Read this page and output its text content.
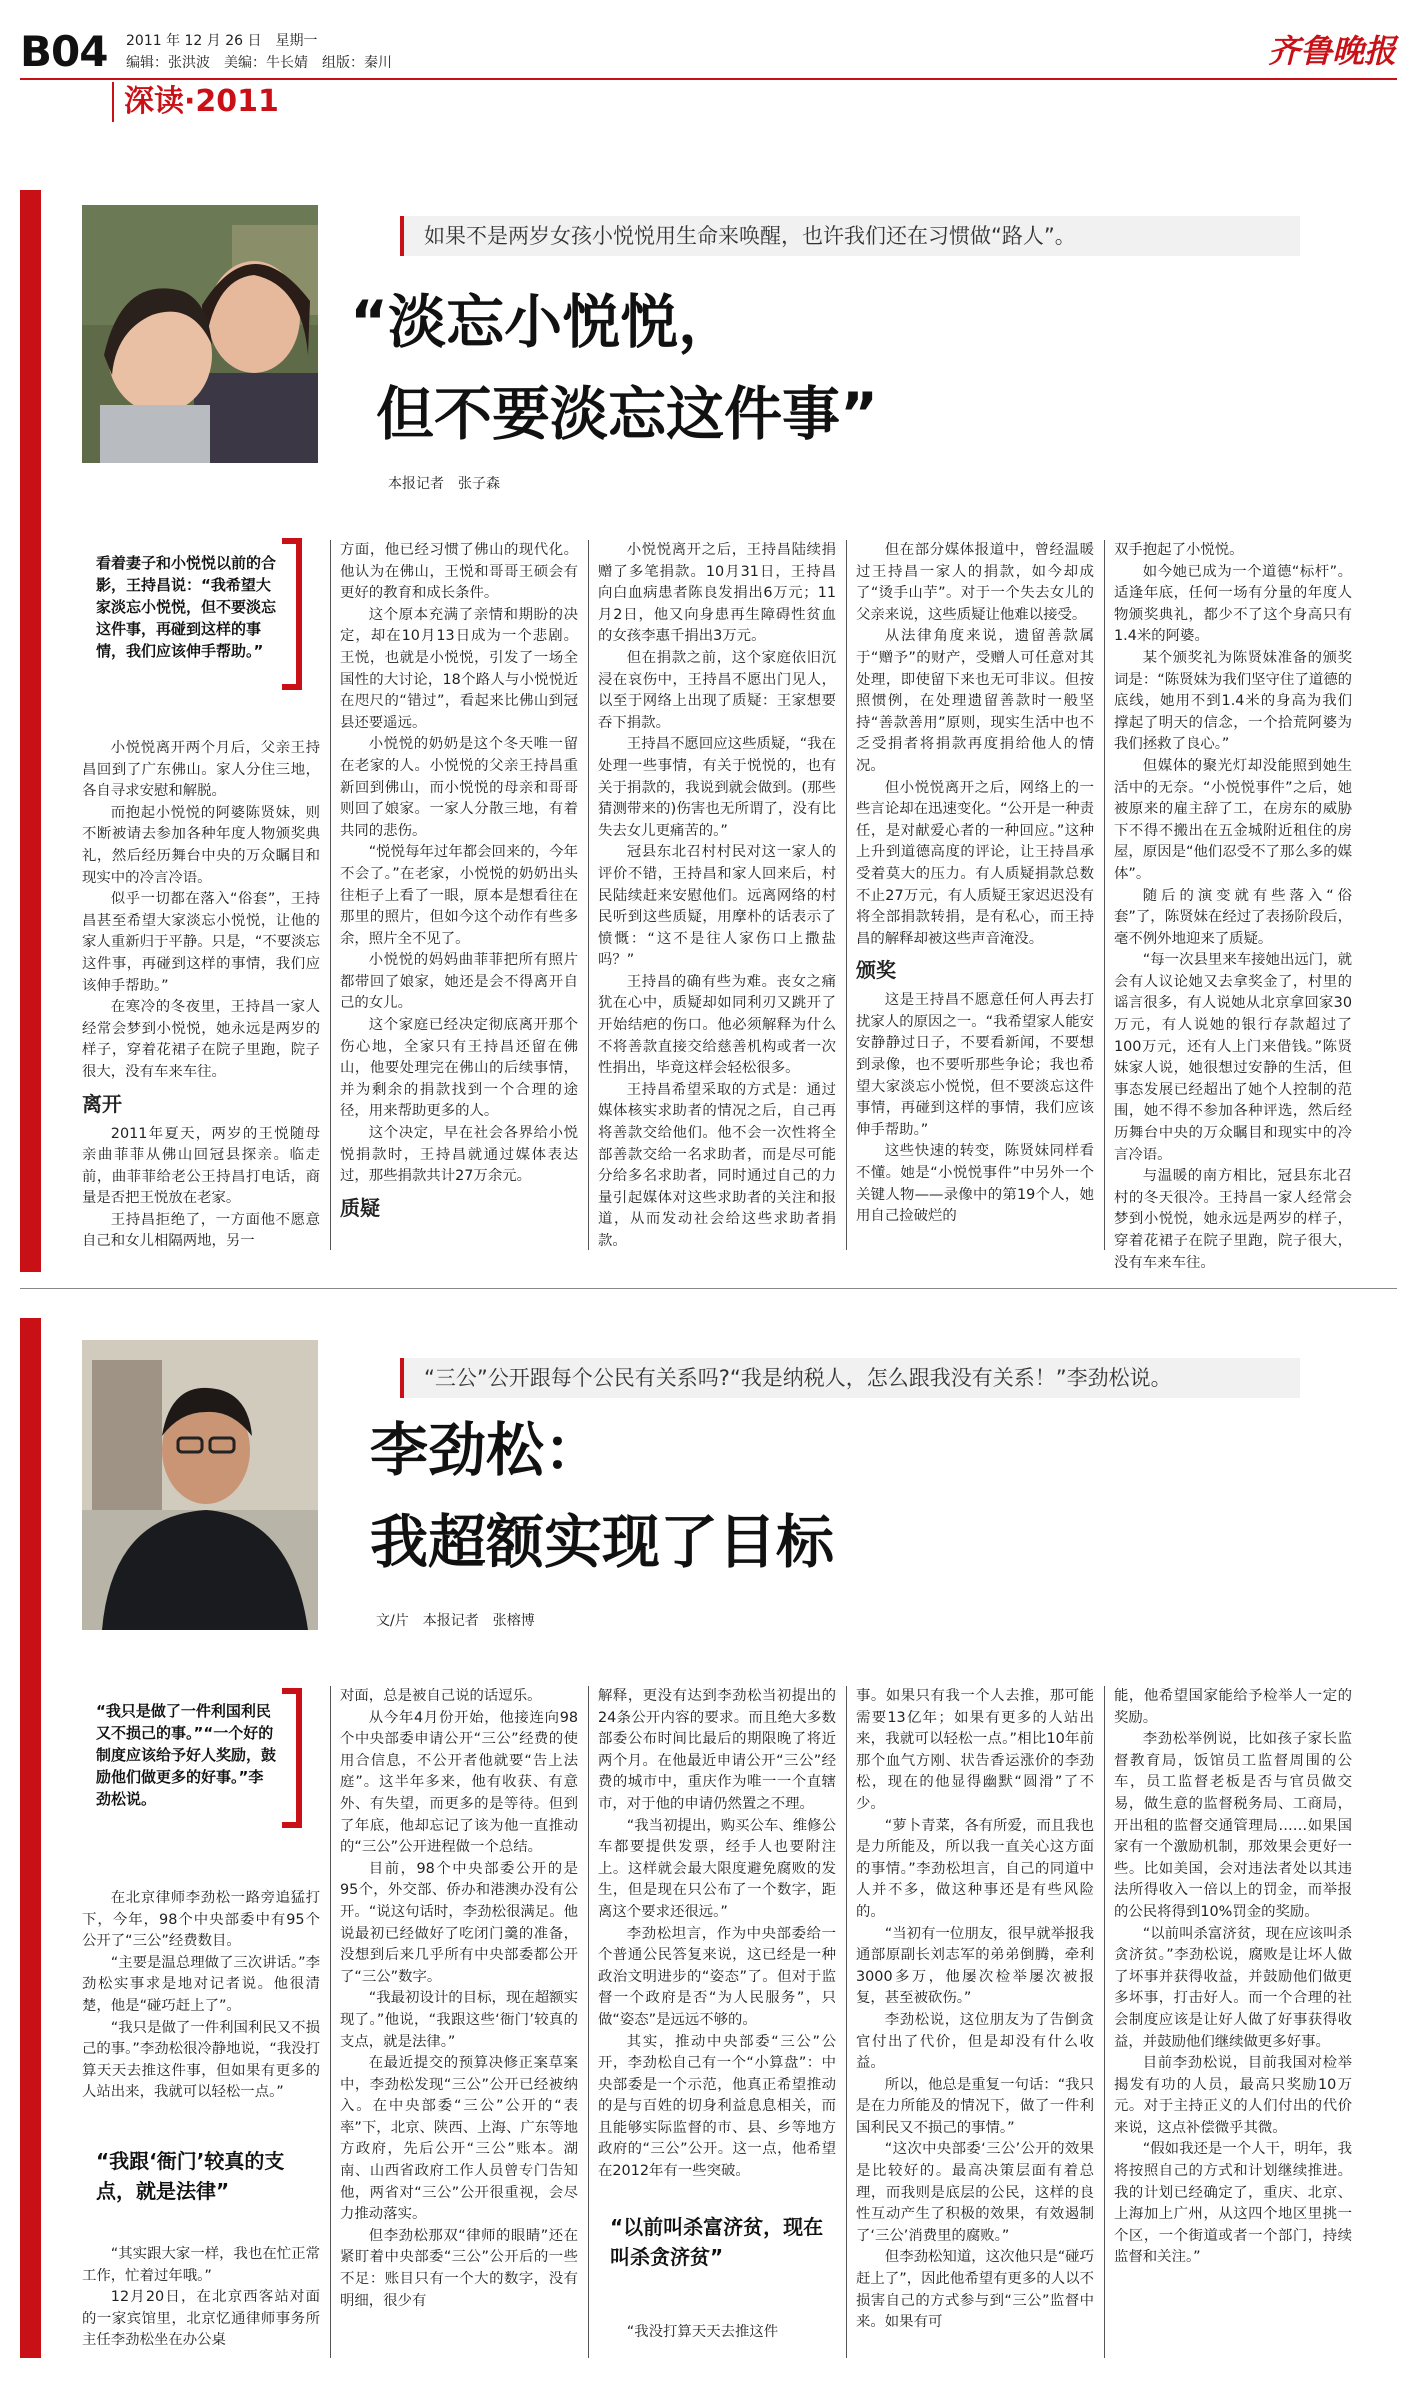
B04 2011 年 12 月 26 日　星期一
编辑：张洪波　美编：牛长婧　组版：秦川	齐鲁晚报
深读·2011
如果不是两岁女孩小悦悦用生命来唤醒，也许我们还在习惯做“路人”。
“淡忘小悦悦，
但不要淡忘这件事”
本报记者　张子森
看着妻子和小悦悦以前的合影，王持昌说：“我希望大家淡忘小悦悦，但不要淡忘这件事，再碰到这样的事情，我们应该伸手帮助。”

小悦悦离开两个月后，父亲王持昌回到了广东佛山。家人分住三地，各自寻求安慰和解脱。

而抱起小悦悦的阿婆陈贤妹，则不断被请去参加各种年度人物颁奖典礼，然后经历舞台中央的万众瞩目和现实中的冷言冷语。

似乎一切都在落入“俗套”，王持昌甚至希望大家淡忘小悦悦，让他的家人重新归于平静。只是，“不要淡忘这件事，再碰到这样的事情，我们应该伸手帮助。”

在寒冷的冬夜里，王持昌一家人经常会梦到小悦悦，她永远是两岁的样子，穿着花裙子在院子里跑，院子很大，没有车来车往。

离开

2011年夏天，两岁的王悦随母亲曲菲菲从佛山回冠县探亲。临走前，曲菲菲给老公王持昌打电话，商量是否把王悦放在老家。

王持昌拒绝了，一方面他不愿意自己和女儿相隔两地，另一

方面，他已经习惯了佛山的现代化。他认为在佛山，王悦和哥哥王硕会有更好的教育和成长条件。

这个原本充满了亲情和期盼的决定，却在10月13日成为一个悲剧。王悦，也就是小悦悦，引发了一场全国性的大讨论，18个路人与小悦悦近在咫尺的“错过”，看起来比佛山到冠县还要遥远。

小悦悦的奶奶是这个冬天唯一留在老家的人。小悦悦的父亲王持昌重新回到佛山，而小悦悦的母亲和哥哥则回了娘家。一家人分散三地，有着共同的悲伤。

“悦悦每年过年都会回来的，今年不会了。”在老家，小悦悦的奶奶出头往柜子上看了一眼，原本是想看往在那里的照片，但如今这个动作有些多余，照片全不见了。

小悦悦的妈妈曲菲菲把所有照片都带回了娘家，她还是会不得离开自己的女儿。

这个家庭已经决定彻底离开那个伤心地，全家只有王持昌还留在佛山，他要处理完在佛山的后续事情，并为剩余的捐款找到一个合理的途径，用来帮助更多的人。

这个决定，早在社会各界给小悦悦捐款时，王持昌就通过媒体表达过，那些捐款共计27万余元。

质疑

小悦悦离开之后，王持昌陆续捐赠了多笔捐款。10月31日，王持昌向白血病患者陈良发捐出6万元；11月2日，他又向身患再生障碍性贫血的女孩李惠千捐出3万元。

但在捐款之前，这个家庭依旧沉浸在哀伤中，王持昌不愿出门见人，以至于网络上出现了质疑：王家想要吞下捐款。

王持昌不愿回应这些质疑，“我在处理一些事情，有关于悦悦的，也有关于捐款的，我说到就会做到。(那些猜测带来的)伤害也无所谓了，没有比失去女儿更痛苦的。”

冠县东北召村村民对这一家人的评价不错，王持昌和家人回来后，村民陆续赶来安慰他们。远离网络的村民听到这些质疑，用摩朴的话表示了愤慨：“这不是往人家伤口上撒盐吗？”

王持昌的确有些为难。丧女之痛犹在心中，质疑却如同利刃又跳开了开始结疤的伤口。他必须解释为什么不将善款直接交给慈善机构或者一次性捐出，毕竟这样会轻松很多。

王持昌希望采取的方式是：通过媒体核实求助者的情况之后，自己再将善款交给他们。他不会一次性将全部善款交给一名求助者，而是尽可能分给多名求助者，同时通过自己的力量引起媒体对这些求助者的关注和报道，从而发动社会给这些求助者捐款。

但在部分媒体报道中，曾经温暖过王持昌一家人的捐款，如今却成了“烫手山芋”。对于一个失去女儿的父亲来说，这些质疑让他难以接受。

从法律角度来说，遗留善款属于“赠予”的财产，受赠人可任意对其处理，即使留下来也无可非议。但按照惯例，在处理遗留善款时一般坚持“善款善用”原则，现实生活中也不乏受捐者将捐款再度捐给他人的情况。

但小悦悦离开之后，网络上的一些言论却在迅速变化。“公开是一种责任，是对献爱心者的一种回应。”这种上升到道德高度的评论，让王持昌承受着莫大的压力。有人质疑捐款总数不止27万元，有人质疑王家迟迟没有将全部捐款转捐，是有私心，而王持昌的解释却被这些声音淹没。

颁奖

这是王持昌不愿意任何人再去打扰家人的原因之一。“我希望家人能安安静静过日子，不要看新闻，不要想到录像，也不要听那些争论；我也希望大家淡忘小悦悦，但不要淡忘这件事情，再碰到这样的事情，我们应该伸手帮助。”

这些快速的转变，陈贤妹同样看不懂。她是“小悦悦事件”中另外一个关键人物——录像中的第19个人，她用自己捡破烂的

双手抱起了小悦悦。

如今她已成为一个道德“标杆”。适逢年底，任何一场有分量的年度人物颁奖典礼，都少不了这个身高只有1.4米的阿婆。

某个颁奖礼为陈贤妹准备的颁奖词是：“陈贤妹为我们坚守住了道德的底线，她用不到1.4米的身高为我们撑起了明天的信念，一个拾荒阿婆为我们拯救了良心。”

但媒体的聚光灯却没能照到她生活中的无奈。“小悦悦事件”之后，她被原来的雇主辞了工，在房东的威胁下不得不搬出在五金城附近租住的房屋，原因是“他们忍受不了那么多的媒体”。

随后的演变就有些落入“俗套”了，陈贤妹在经过了表扬阶段后，毫不例外地迎来了质疑。

“每一次县里来车接她出远门，就会有人议论她又去拿奖金了，村里的谣言很多，有人说她从北京拿回家30万元，有人说她的银行存款超过了100万元，还有人上门来借钱。”陈贤妹家人说，她很想过安静的生活，但事态发展已经超出了她个人控制的范围，她不得不参加各种评选，然后经历舞台中央的万众瞩目和现实中的冷言冷语。

与温暖的南方相比，冠县东北召村的冬天很冷。王持昌一家人经常会梦到小悦悦，她永远是两岁的样子，穿着花裙子在院子里跑，院子很大，没有车来车往。

“三公”公开跟每个公民有关系吗?“我是纳税人，怎么跟我没有关系！”李劲松说。
李劲松：
我超额实现了目标
文/片　本报记者　张榕博
“我只是做了一件利国利民又不损己的事。”“一个好的制度应该给予好人奖励，鼓励他们做更多的好事。”李劲松说。

在北京律师李劲松一路旁追猛打下，今年，98个中央部委中有95个公开了“三公”经费数目。

“主要是温总理做了三次讲话。”李劲松实事求是地对记者说。他很清楚，他是“碰巧赶上了”。

“我只是做了一件利国利民又不损己的事。”李劲松很冷静地说，“我没打算天天去推这件事，但如果有更多的人站出来，我就可以轻松一点。”

“我跟‘衙门’较真的支点，就是法律”

“其实跟大家一样，我也在忙正常工作，忙着过年哦。”

12月20日，在北京西客站对面的一家宾馆里，北京忆通律师事务所主任李劲松坐在办公桌

对面，总是被自己说的话逗乐。

从今年4月份开始，他接连向98个中央部委申请公开“三公”经费的使用合信息，不公开者他就要“告上法庭”。这半年多来，他有收获、有意外、有失望，而更多的是等待。但到了年底，他却忘记了该为他一直推动的“三公”公开进程做一个总结。

目前，98个中央部委公开的是95个，外交部、侨办和港澳办没有公开。“说这句话时，李劲松很满足。他说最初已经做好了吃闭门羹的准备，没想到后来几乎所有中央部委都公开了“三公”数字。

“我最初设计的目标，现在超额实现了。”他说，“我跟这些‘衙门’较真的支点，就是法律。”

在最近提交的预算决修正案草案中，李劲松发现“三公”公开已经被纳入。在中央部委“三公”公开的“表率”下，北京、陕西、上海、广东等地方政府，先后公开“三公”账本。湖南、山西省政府工作人员曾专门告知他，两省对“三公”公开很重视，会尽力推动落实。

但李劲松那双“律师的眼睛”还在紧盯着中央部委“三公”公开后的一些不足：账目只有一个大的数字，没有明细，很少有

解释，更没有达到李劲松当初提出的24条公开内容的要求。而且绝大多数部委公布时间比最后的期限晚了将近两个月。在他最近申请公开“三公”经费的城市中，重庆作为唯一一个直辖市，对于他的申请仍然置之不理。

“我当初提出，购买公车、维修公车都要提供发票，经手人也要附注上。这样就会最大限度避免腐败的发生，但是现在只公布了一个数字，距离这个要求还很远。”

李劲松坦言，作为中央部委给一个普通公民答复来说，这已经是一种政治文明进步的“姿态”了。但对于监督一个政府是否“为人民服务”，只做“姿态”是远远不够的。

其实，推动中央部委“三公”公开，李劲松自己有一个“小算盘”：中央部委是一个示范，他真正希望推动的是与百姓的切身利益息息相关，而且能够实际监督的市、县、乡等地方政府的“三公”公开。这一点，他希望在2012年有一些突破。

“以前叫杀富济贫，现在叫杀贪济贫”

“我没打算天天去推这件

事。如果只有我一个人去推，那可能需要13亿年；如果有更多的人站出来，我就可以轻松一点。”相比10年前那个血气方刚、状告香运涨价的李劲松，现在的他显得幽默“圆滑”了不少。

“萝卜青菜，各有所爱，而且我也是力所能及，所以我一直关心这方面的事情。”李劲松坦言，自己的同道中人并不多，做这种事还是有些风险的。

“当初有一位朋友，很早就举报我通部原副长刘志军的弟弟倒腾，牵利3000多万，他屡次检举屡次被报复，甚至被砍伤。”

李劲松说，这位朋友为了告倒贪官付出了代价，但是却没有什么收益。

所以，他总是重复一句话：“我只是在力所能及的情况下，做了一件利国利民又不损己的事情。”

“这次中央部委‘三公’公开的效果是比较好的。最高决策层面有着总理，而我则是底层的公民，这样的良性互动产生了积极的效果，有效遏制了‘三公’消费里的腐败。”

但李劲松知道，这次他只是“碰巧赶上了”，因此他希望有更多的人以不损害自己的方式参与到“三公”监督中来。如果有可

能，他希望国家能给予检举人一定的奖励。

李劲松举例说，比如孩子家长监督教育局，饭馆员工监督周围的公车，员工监督老板是否与官员做交易，做生意的监督税务局、工商局，开出租的监督交通管理局……如果国家有一个激励机制，那效果会更好一些。比如美国，会对违法者处以其违法所得收入一倍以上的罚金，而举报的公民将得到10%罚金的奖励。

“以前叫杀富济贫，现在应该叫杀贪济贫。”李劲松说，腐败是让坏人做了坏事并获得收益，并鼓励他们做更多坏事，打击好人。而一个合理的社会制度应该是让好人做了好事获得收益，并鼓励他们继续做更多好事。

目前李劲松说，目前我国对检举揭发有功的人员，最高只奖励10万元。对于主持正义的人们付出的代价来说，这点补偿微乎其微。

“假如我还是一个人干，明年，我将按照自己的方式和计划继续推进。我的计划已经确定了，重庆、北京、上海加上广州，从这四个地区里挑一个区，一个街道或者一个部门，持续监督和关注。”
